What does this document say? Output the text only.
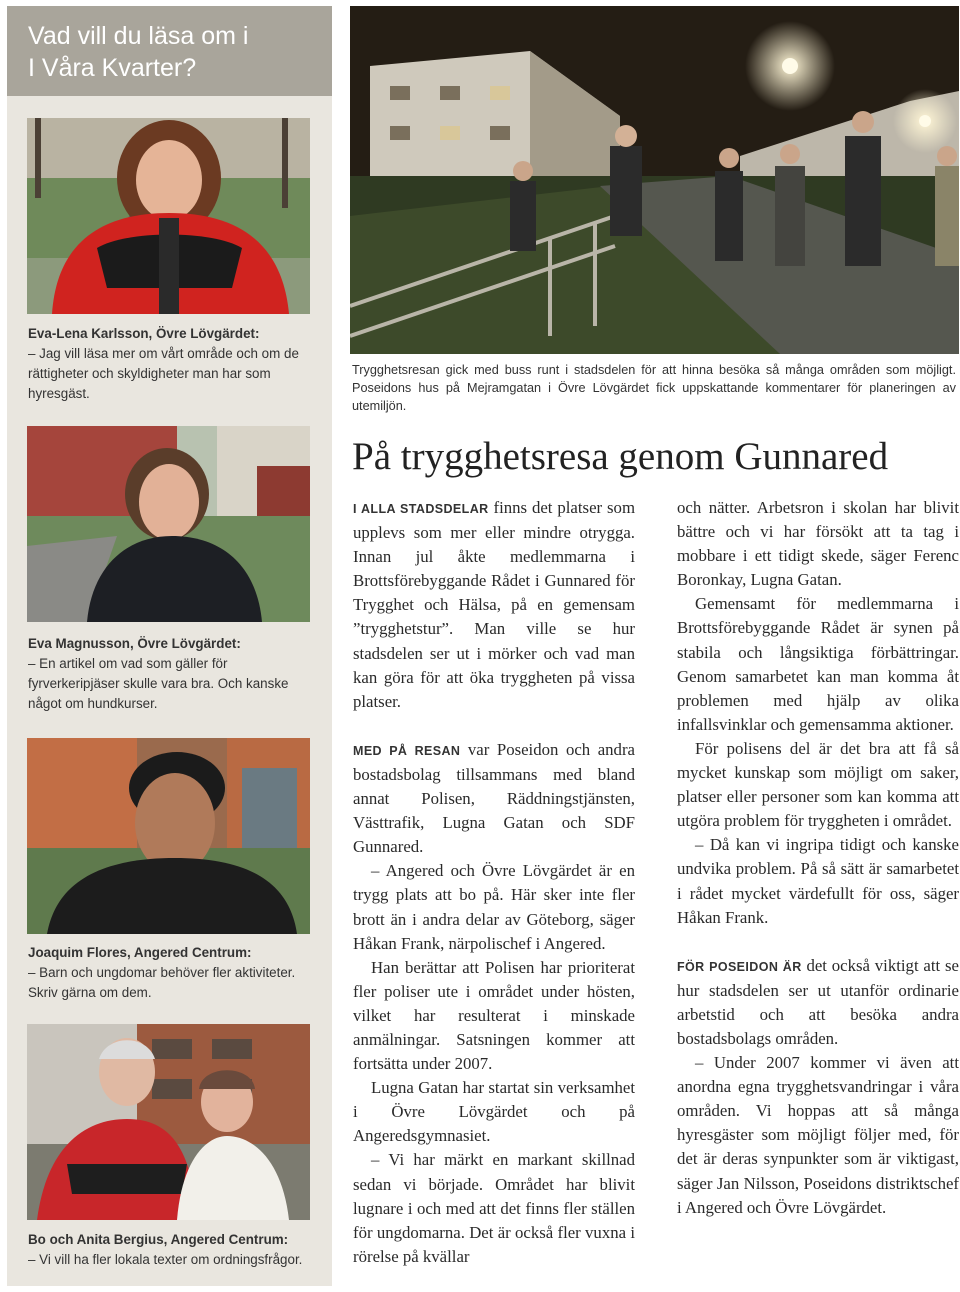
Vad vill du läsa om i
I Våra Kvarter?
Eva-Lena Karlsson, Övre Lövgärdet:
– Jag vill läsa mer om vårt område och om de rättigheter och skyldigheter man har som hyresgäst.
Eva Magnusson, Övre Lövgärdet:
– En artikel om vad som gäller för fyrverkeripjäser skulle vara bra. Och kanske något om hundkurser.
Joaquim Flores, Angered Centrum:
– Barn och ungdomar behöver fler aktiviteter. Skriv gärna om dem.
Bo och Anita Bergius, Angered Centrum:
– Vi vill ha fler lokala texter om ordningsfrågor.
Trygghetsresan gick med buss runt i stadsdelen för att hinna besöka så många områden som möjligt. Poseidons hus på Mejramgatan i Övre Lövgärdet fick uppskattande kommentarer för planeringen av utemiljön.
På trygghetsresa genom Gunnared

I ALLA STADSDELAR finns det platser som upplevs som mer eller mindre otrygga. Innan jul åkte medlemmarna i Brottsförebyggande Rådet i Gunnared för Trygghet och Hälsa, på en gemensam ”trygghetstur”. Man ville se hur stadsdelen ser ut i mörker och vad man kan göra för att öka tryggheten på vissa platser.

MED PÅ RESAN var Poseidon och andra bostadsbolag tillsammans med bland annat Polisen, Räddningstjänsten, Västtrafik, Lugna Gatan och SDF Gunnared.

– Angered och Övre Lövgärdet är en trygg plats att bo på. Här sker inte fler brott än i andra delar av Göteborg, säger Håkan Frank, närpolischef i Angered.

Han berättar att Polisen har prioriterat fler poliser ute i området under hösten, vilket har resulterat i minskade anmälningar. Satsningen kommer att fortsätta under 2007.

Lugna Gatan har startat sin verksamhet i Övre Lövgärdet och på Angeredsgymnasiet.

– Vi har märkt en markant skillnad sedan vi började. Området har blivit lugnare i och med att det finns fler ställen för ungdomarna. Det är också fler vuxna i rörelse på kvällar

och nätter. Arbetsron i skolan har blivit bättre och vi har försökt att ta tag i mobbare i ett tidigt skede, säger Ferenc Boronkay, Lugna Gatan.

Gemensamt för medlemmarna i Brottsförebyggande Rådet är synen på stabila och långsiktiga förbättringar. Genom samarbetet kan man komma åt problemen med hjälp av olika infallsvinklar och gemensamma aktioner.

För polisens del är det bra att få så mycket kunskap som möjligt om saker, platser eller personer som kan komma att utgöra problem för tryggheten i området.

– Då kan vi ingripa tidigt och kanske undvika problem. På så sätt är samarbetet i rådet mycket värdefullt för oss, säger Håkan Frank.

FÖR POSEIDON ÄR det också viktigt att se hur stadsdelen ser ut utanför ordinarie arbetstid och att besöka andra bostadsbolags områden.

– Under 2007 kommer vi även att anordna egna trygghetsvandringar i våra områden. Vi hoppas att så många hyresgäster som möjligt följer med, för det är deras synpunkter som är viktigast, säger Jan Nilsson, Poseidons distriktschef i Angered och Övre Lövgärdet.
